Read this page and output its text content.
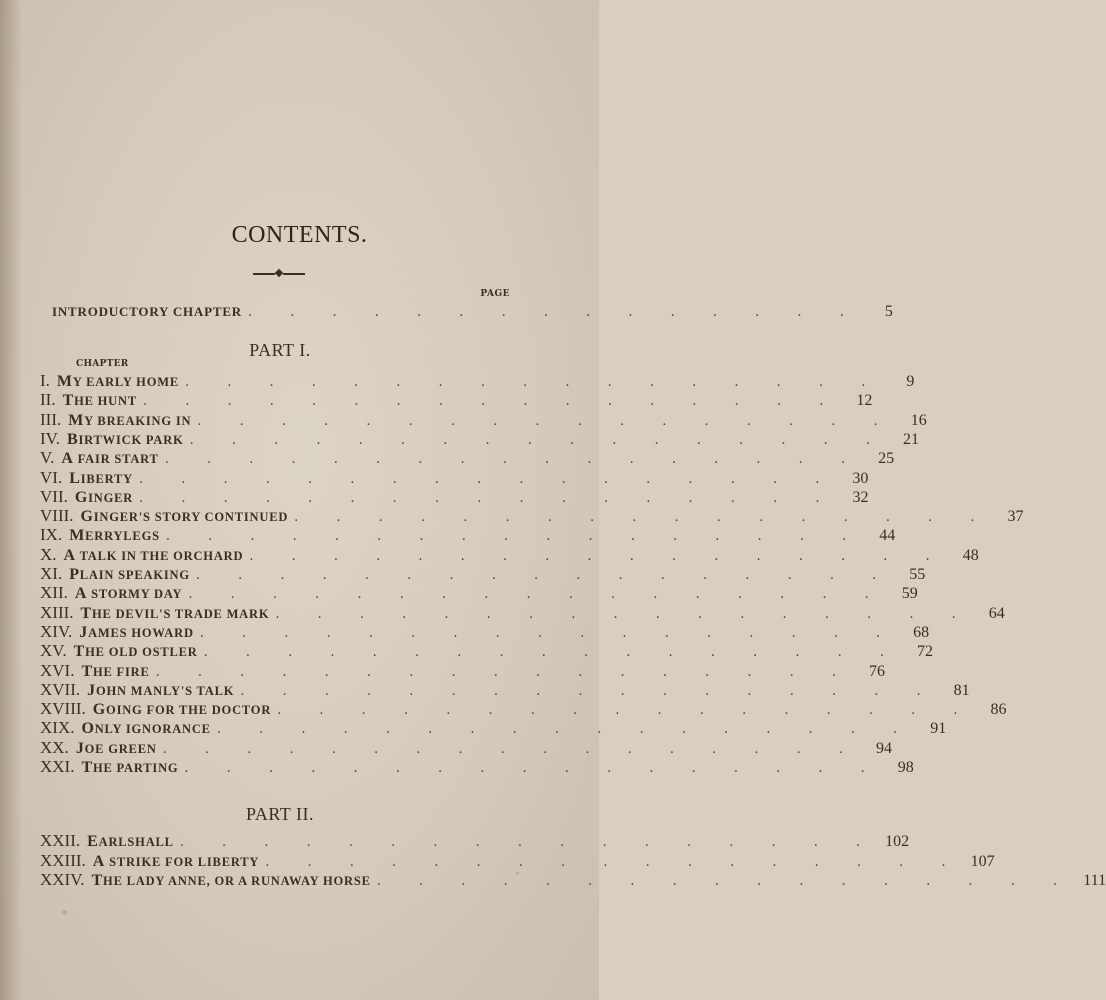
CONTENTS.
PAGE
INTRODUCTORY CHAPTER . . . . . . . . . . . . . . .	5
PART I.
CHAPTER
I. MY EARLY HOME . . . . . . . . . . . . . . . . .	9
II. THE HUNT . . . . . . . . . . . . . . . . .	12
III. MY BREAKING IN . . . . . . . . . . . . . . . . .	16
IV. BIRTWICK PARK . . . . . . . . . . . . . . . . .	21
V. A FAIR START . . . . . . . . . . . . . . . . .	25
VI. LIBERTY . . . . . . . . . . . . . . . . .	30
VII. GINGER . . . . . . . . . . . . . . . . .	32
VIII. GINGER'S STORY CONTINUED . . . . . . . . . . . . . . . . .	37
IX. MERRYLEGS . . . . . . . . . . . . . . . . .	44
X. A TALK IN THE ORCHARD . . . . . . . . . . . . . . . . .	48
XI. PLAIN SPEAKING . . . . . . . . . . . . . . . . .	55
XII. A STORMY DAY . . . . . . . . . . . . . . . . .	59
XIII. THE DEVIL'S TRADE MARK . . . . . . . . . . . . . . . . .	64
XIV. JAMES HOWARD . . . . . . . . . . . . . . . . .	68
XV. THE OLD OSTLER . . . . . . . . . . . . . . . . .	72
XVI. THE FIRE . . . . . . . . . . . . . . . . .	76
XVII. JOHN MANLY'S TALK . . . . . . . . . . . . . . . . .	81
XVIII. GOING FOR THE DOCTOR . . . . . . . . . . . . . . . . .	86
XIX. ONLY IGNORANCE . . . . . . . . . . . . . . . . .	91
XX. JOE GREEN . . . . . . . . . . . . . . . . .	94
XXI. THE PARTING . . . . . . . . . . . . . . . . .	98
PART II.
XXII. EARLSHALL . . . . . . . . . . . . . . . . . 102
XXIII. A STRIKE FOR LIBERTY . . . . . . . . . . . . . . . . . 107
XXIV. THE LADY ANNE, OR A RUNAWAY HORSE . . . . . . . . . . . . . . . . . 111
